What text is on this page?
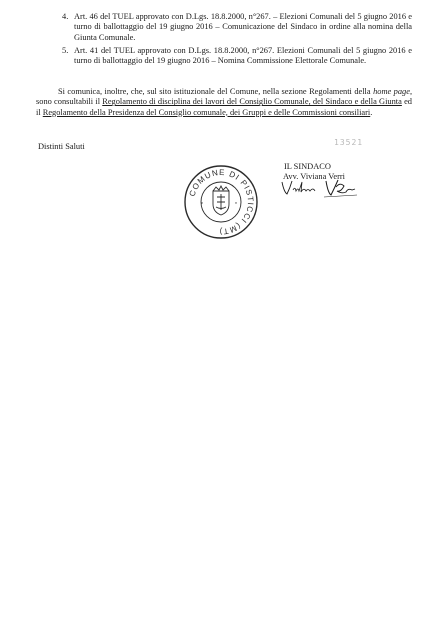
4. Art. 46 del TUEL approvato con D.Lgs. 18.8.2000, n°267. – Elezioni Comunali del 5 giugno 2016 e turno di ballottaggio del 19 giugno 2016 – Comunicazione del Sindaco in ordine alla nomina della Giunta Comunale.
5. Art. 41 del TUEL approvato con D.Lgs. 18.8.2000, n°267. Elezioni Comunali del 5 giugno 2016 e turno di ballottaggio del 19 giugno 2016 – Nomina Commissione Elettorale Comunale.
Si comunica, inoltre, che, sul sito istituzionale del Comune, nella sezione Regolamenti della home page, sono consultabili il Regolamento di disciplina dei lavori del Consiglio Comunale, del Sindaco e della Giunta ed il Regolamento della Presidenza del Consiglio comunale, dei Gruppi e delle Commissioni consiliari.
Distinti Saluti	13521
COMUNE DI PISTICCI (MT)
*
*
IL SINDACO
Avv. Viviana Verri
